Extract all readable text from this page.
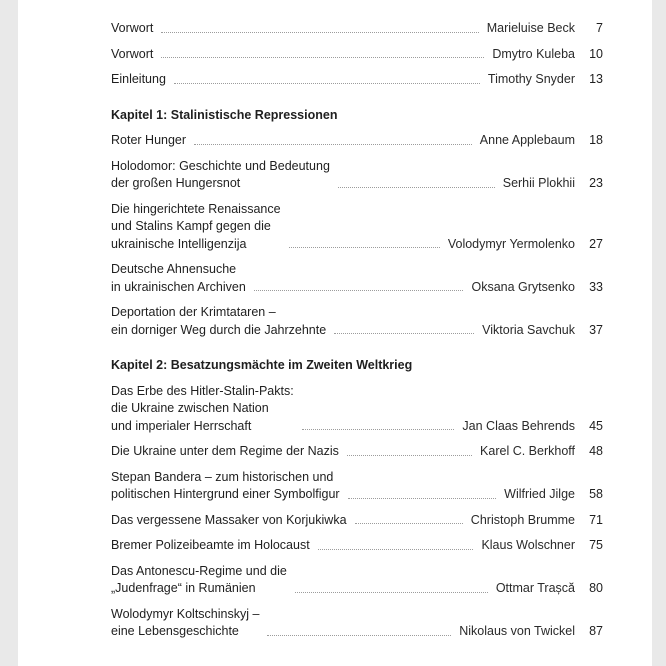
Vorwort	Marieluise Beck	7
Vorwort	Dmytro Kuleba	10
Einleitung	Timothy Snyder	13
Kapitel 1: Stalinistische Repressionen
Roter Hunger	Anne Applebaum	18
Holodomor: Geschichte und Bedeutung
der großen Hungersnot	Serhii Plokhii	23
Die hingerichtete Renaissance
und Stalins Kampf gegen die
ukrainische Intelligenzija	Volodymyr Yermolenko	27
Deutsche Ahnensuche
in ukrainischen Archiven	Oksana Grytsenko	33
Deportation der Krimtataren –
ein dorniger Weg durch die Jahrzehnte	Viktoria Savchuk	37
Kapitel 2: Besatzungsmächte im Zweiten Weltkrieg
Das Erbe des Hitler-Stalin-Pakts:
die Ukraine zwischen Nation
und imperialer Herrschaft	Jan Claas Behrends	45
Die Ukraine unter dem Regime der Nazis	Karel C. Berkhoff	48
Stepan Bandera – zum historischen und
politischen Hintergrund einer Symbolfigur	Wilfried Jilge	58
Das vergessene Massaker von Korjukiwka	Christoph Brumme	71
Bremer Polizeibeamte im Holocaust	Klaus Wolschner	75
Das Antonescu-Regime und die
„Judenfrage“ in Rumänien	Ottmar Trașcă	80
Wolodymyr Koltschinskyj –
eine Lebensgeschichte	Nikolaus von Twickel	87
